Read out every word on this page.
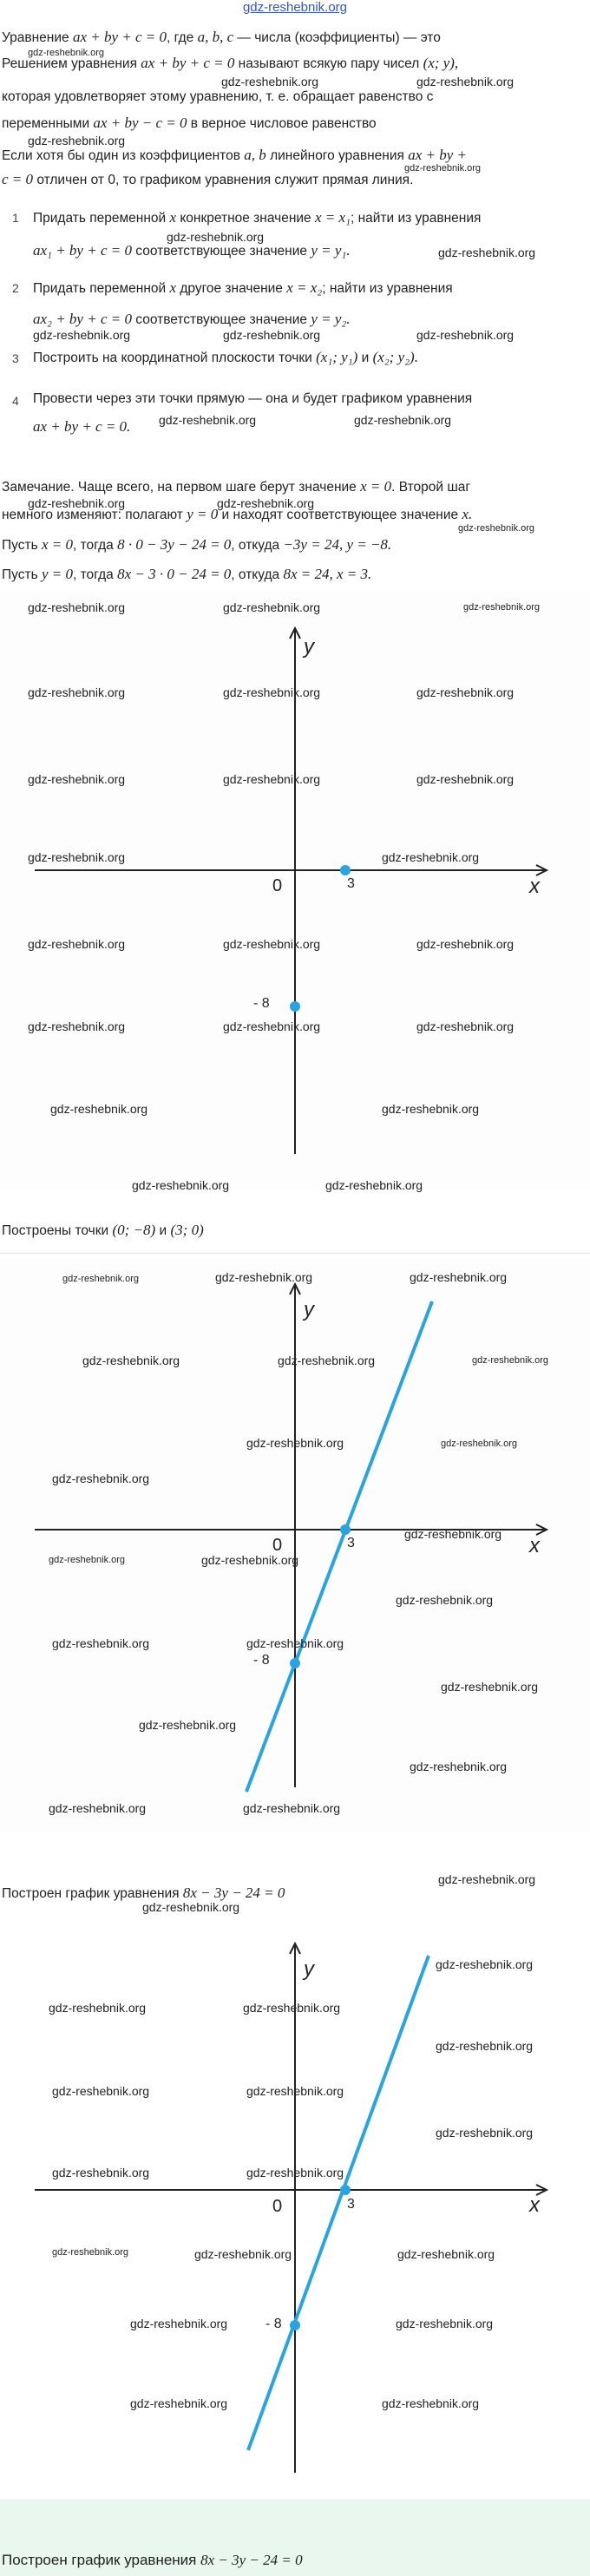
gdz-reshebnik.org
Уравнение ax + by + c = 0, где a, b, c — числа (коэффициенты) — это
gdz-reshebnik.org
Решением уравнения ax + by + c = 0 называют всякую пару чисел (x; y),
gdz-reshebnik.org	gdz-reshebnik.org
которая удовлетворяет этому уравнению, т. е. обращает равенство с
переменными ax + by − c = 0 в верное числовое равенство
gdz-reshebnik.org
Если хотя бы один из коэффициентов a, b линейного уравнения ax + by +
gdz-reshebnik.org
c = 0 отличен от 0, то графиком уравнения служит прямая линия.
1 Придать переменной x конкретное значение x = x₁; найти из уравнения
gdz-reshebnik.org
ax₁ + by + c = 0 соответствующее значение y = y₁.	gdz-reshebnik.org
2 Придать переменной x другое значение x = x₂; найти из уравнения
ax₂ + by + c = 0 соответствующее значение y = y₂.
gdz-reshebnik.org	gdz-reshebnik.org	gdz-reshebnik.org
3 Построить на координатной плоскости точки (x₁; y₁) и (x₂; y₂).
4 Провести через эти точки прямую — она и будет графиком уравнения
ax + by + c = 0. gdz-reshebnik.org	gdz-reshebnik.org
Замечание. Чаще всего, на первом шаге берут значение x = 0. Второй шаг
gdz-reshebnik.org	gdz-reshebnik.org
немного изменяют: полагают y = 0 и находят соответствующее значение x.
gdz-reshebnik.org
Пусть x = 0, тогда 8 · 0 − 3y − 24 = 0, откуда −3y = 24, y = −8.
Пусть y = 0, тогда 8x − 3 · 0 − 24 = 0, откуда 8x = 24, x = 3.
y
x
0	3
- 8
gdz-reshebnik.org	gdz-reshebnik.org	gdz-reshebnik.org
gdz-reshebnik.org	gdz-reshebnik.org	gdz-reshebnik.org
gdz-reshebnik.org	gdz-reshebnik.org	gdz-reshebnik.org
gdz-reshebnik.org	gdz-reshebnik.org
gdz-reshebnik.org	gdz-reshebnik.org	gdz-reshebnik.org
gdz-reshebnik.org	gdz-reshebnik.org	gdz-reshebnik.org
gdz-reshebnik.org	gdz-reshebnik.org
gdz-reshebnik.org	gdz-reshebnik.org
Построены точки (0; −8) и (3; 0)
y
x
0	3
- 8
gdz-reshebnik.org	gdz-reshebnik.org	gdz-reshebnik.org
gdz-reshebnik.org	gdz-reshebnik.org	gdz-reshebnik.org
gdz-reshebnik.org	gdz-reshebnik.org
gdz-reshebnik.org
gdz-reshebnik.org
gdz-reshebnik.org	gdz-reshebnik.org
gdz-reshebnik.org
gdz-reshebnik.org	gdz-reshebnik.org
gdz-reshebnik.org
gdz-reshebnik.org
gdz-reshebnik.org
gdz-reshebnik.org	gdz-reshebnik.org
gdz-reshebnik.org
Построен график уравнения 8x − 3y − 24 = 0
gdz-reshebnik.org
y
x
0	3
- 8
gdz-reshebnik.org
gdz-reshebnik.org	gdz-reshebnik.org
gdz-reshebnik.org
gdz-reshebnik.org	gdz-reshebnik.org
gdz-reshebnik.org
gdz-reshebnik.org	gdz-reshebnik.org
gdz-reshebnik.org	gdz-reshebnik.org	gdz-reshebnik.org
gdz-reshebnik.org	gdz-reshebnik.org
gdz-reshebnik.org	gdz-reshebnik.org
Построен график уравнения 8x − 3y − 24 = 0
